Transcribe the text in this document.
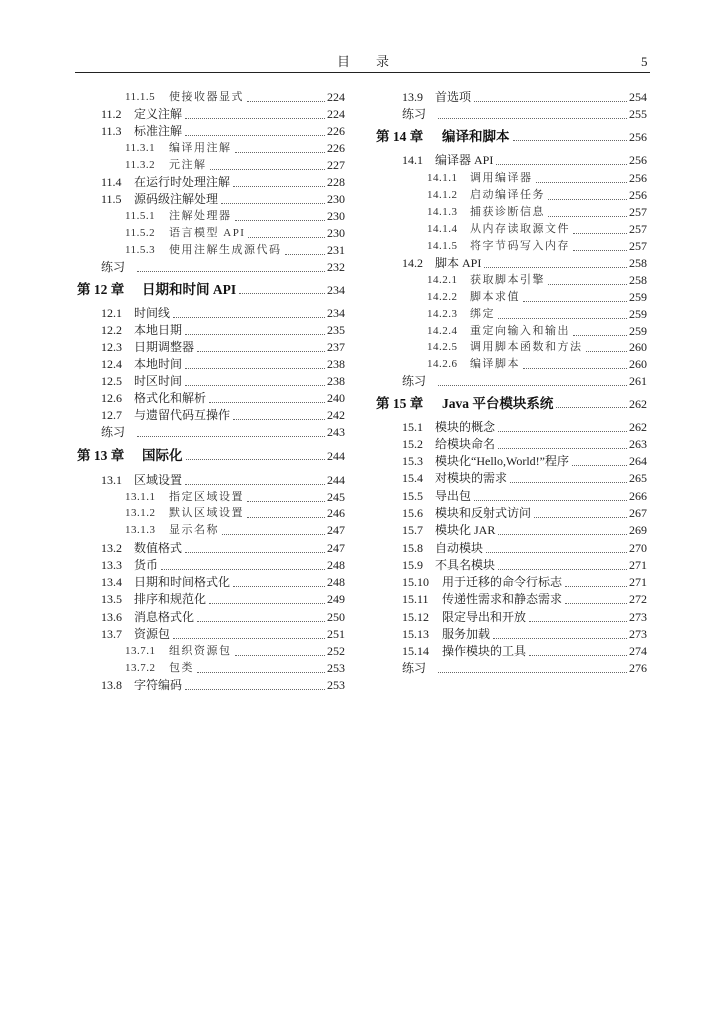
目录	5
11.1.5	使接收器显式	224
11.2	定义注解	224
11.3	标准注解	226
11.3.1	编译用注解	226
11.3.2	元注解	227
11.4	在运行时处理注解	228
11.5	源码级注解处理	230
11.5.1	注解处理器	230
11.5.2	语言模型 API	230
11.5.3	使用注解生成源代码	231
练习	232
第 12 章	日期和时间 API	234
12.1	时间线	234
12.2	本地日期	235
12.3	日期调整器	237
12.4	本地时间	238
12.5	时区时间	238
12.6	格式化和解析	240
12.7	与遗留代码互操作	242
练习	243
第 13 章	国际化	244
13.1	区域设置	244
13.1.1	指定区域设置	245
13.1.2	默认区域设置	246
13.1.3	显示名称	247
13.2	数值格式	247
13.3	货币	248
13.4	日期和时间格式化	248
13.5	排序和规范化	249
13.6	消息格式化	250
13.7	资源包	251
13.7.1	组织资源包	252
13.7.2	包类	253
13.8	字符编码	253
13.9	首选项	254
练习	255
第 14 章	编译和脚本	256
14.1	编译器 API	256
14.1.1	调用编译器	256
14.1.2	启动编译任务	256
14.1.3	捕获诊断信息	257
14.1.4	从内存读取源文件	257
14.1.5	将字节码写入内存	257
14.2	脚本 API	258
14.2.1	获取脚本引擎	258
14.2.2	脚本求值	259
14.2.3	绑定	259
14.2.4	重定向输入和输出	259
14.2.5	调用脚本函数和方法	260
14.2.6	编译脚本	260
练习	261
第 15 章	Java 平台模块系统	262
15.1	模块的概念	262
15.2	给模块命名	263
15.3	模块化“Hello,World!”程序	264
15.4	对模块的需求	265
15.5	导出包	266
15.6	模块和反射式访问	267
15.7	模块化 JAR	269
15.8	自动模块	270
15.9	不具名模块	271
15.10	用于迁移的命令行标志	271
15.11	传递性需求和静态需求	272
15.12	限定导出和开放	273
15.13	服务加载	273
15.14	操作模块的工具	274
练习	276
